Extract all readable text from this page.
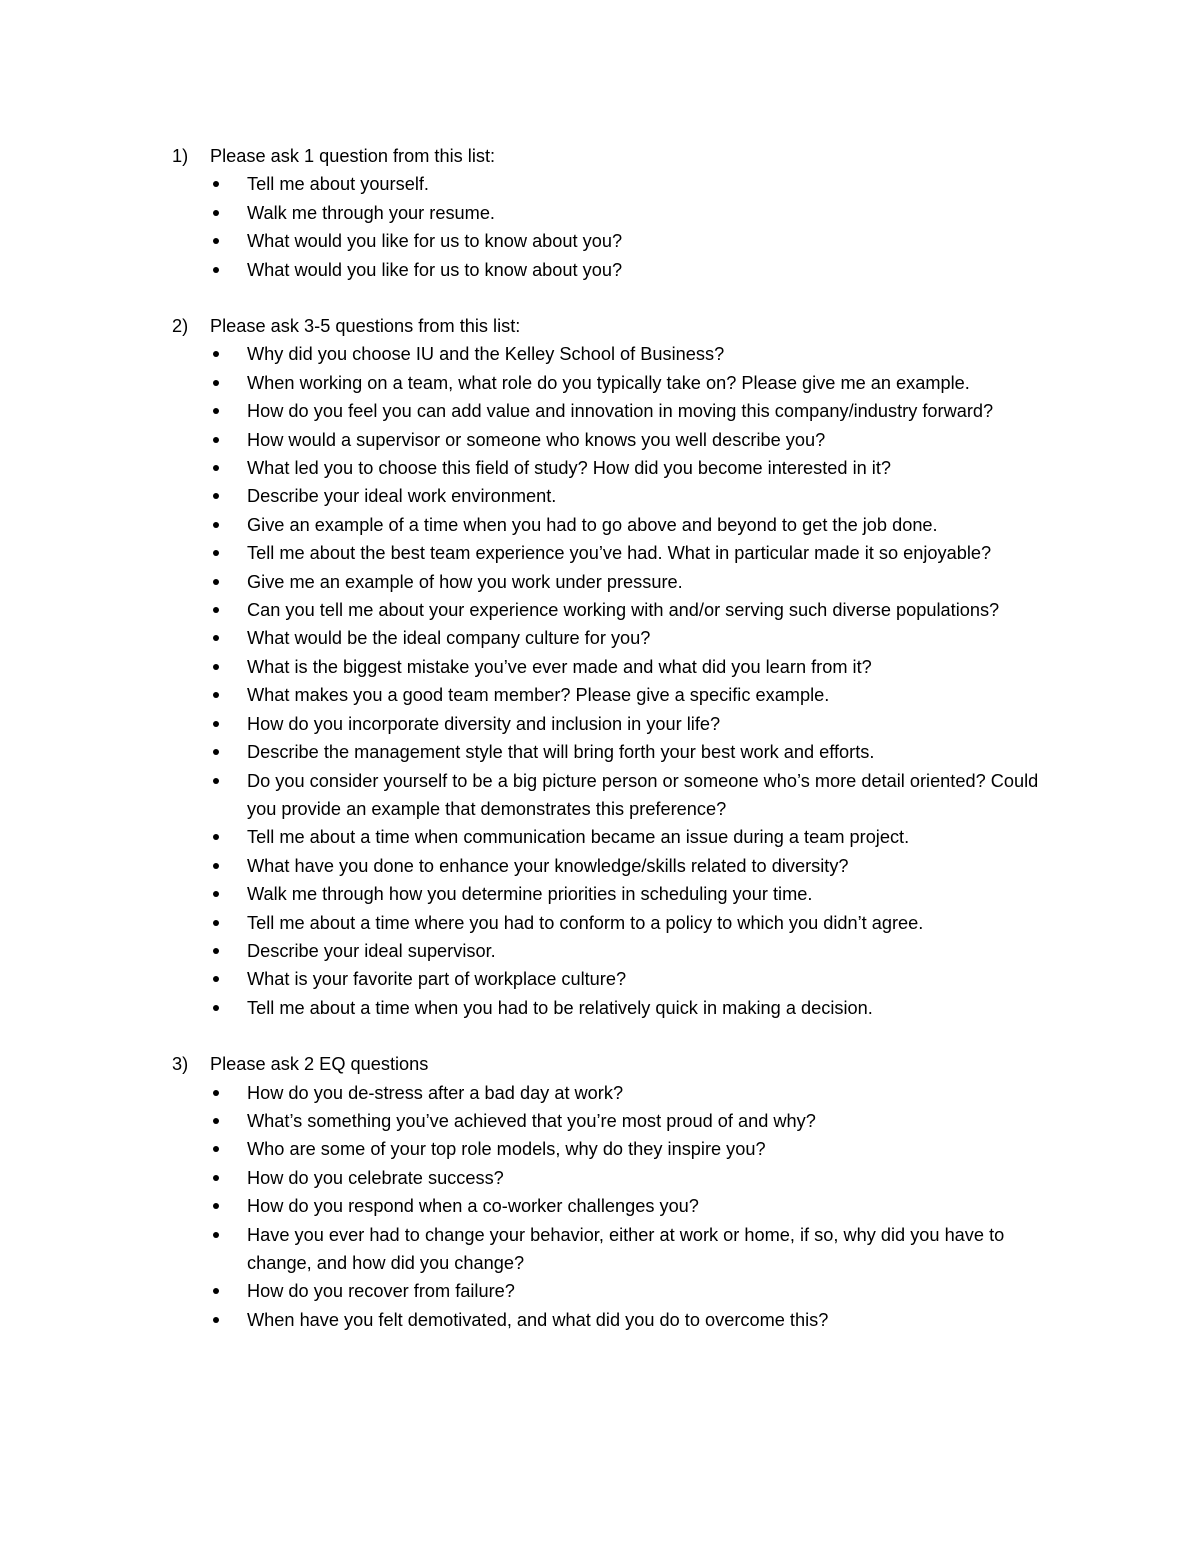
1)	Please ask 1 question from this list:
Tell me about yourself.
Walk me through your resume.
What would you like for us to know about you?
What would you like for us to know about you?
2)	Please ask 3-5 questions from this list:
Why did you choose IU and the Kelley School of Business?
When working on a team, what role do you typically take on? Please give me an example.
How do you feel you can add value and innovation in moving this company/industry forward?
How would a supervisor or someone who knows you well describe you?
What led you to choose this field of study? How did you become interested in it?
Describe your ideal work environment.
Give an example of a time when you had to go above and beyond to get the job done.
Tell me about the best team experience you’ve had. What in particular made it so enjoyable?
Give me an example of how you work under pressure.
Can you tell me about your experience working with and/or serving such diverse populations?
What would be the ideal company culture for you?
What is the biggest mistake you’ve ever made and what did you learn from it?
What makes you a good team member? Please give a specific example.
How do you incorporate diversity and inclusion in your life?
Describe the management style that will bring forth your best work and efforts.
Do you consider yourself to be a big picture person or someone who’s more detail oriented? Could you provide an example that demonstrates this preference?
Tell me about a time when communication became an issue during a team project.
What have you done to enhance your knowledge/skills related to diversity?
Walk me through how you determine priorities in scheduling your time.
Tell me about a time where you had to conform to a policy to which you didn’t agree.
Describe your ideal supervisor.
What is your favorite part of workplace culture?
Tell me about a time when you had to be relatively quick in making a decision.
3)	Please ask 2 EQ questions
How do you de-stress after a bad day at work?
What’s something you’ve achieved that you’re most proud of and why?
Who are some of your top role models, why do they inspire you?
How do you celebrate success?
How do you respond when a co-worker challenges you?
Have you ever had to change your behavior, either at work or home, if so, why did you have to change, and how did you change?
How do you recover from failure?
When have you felt demotivated, and what did you do to overcome this?
